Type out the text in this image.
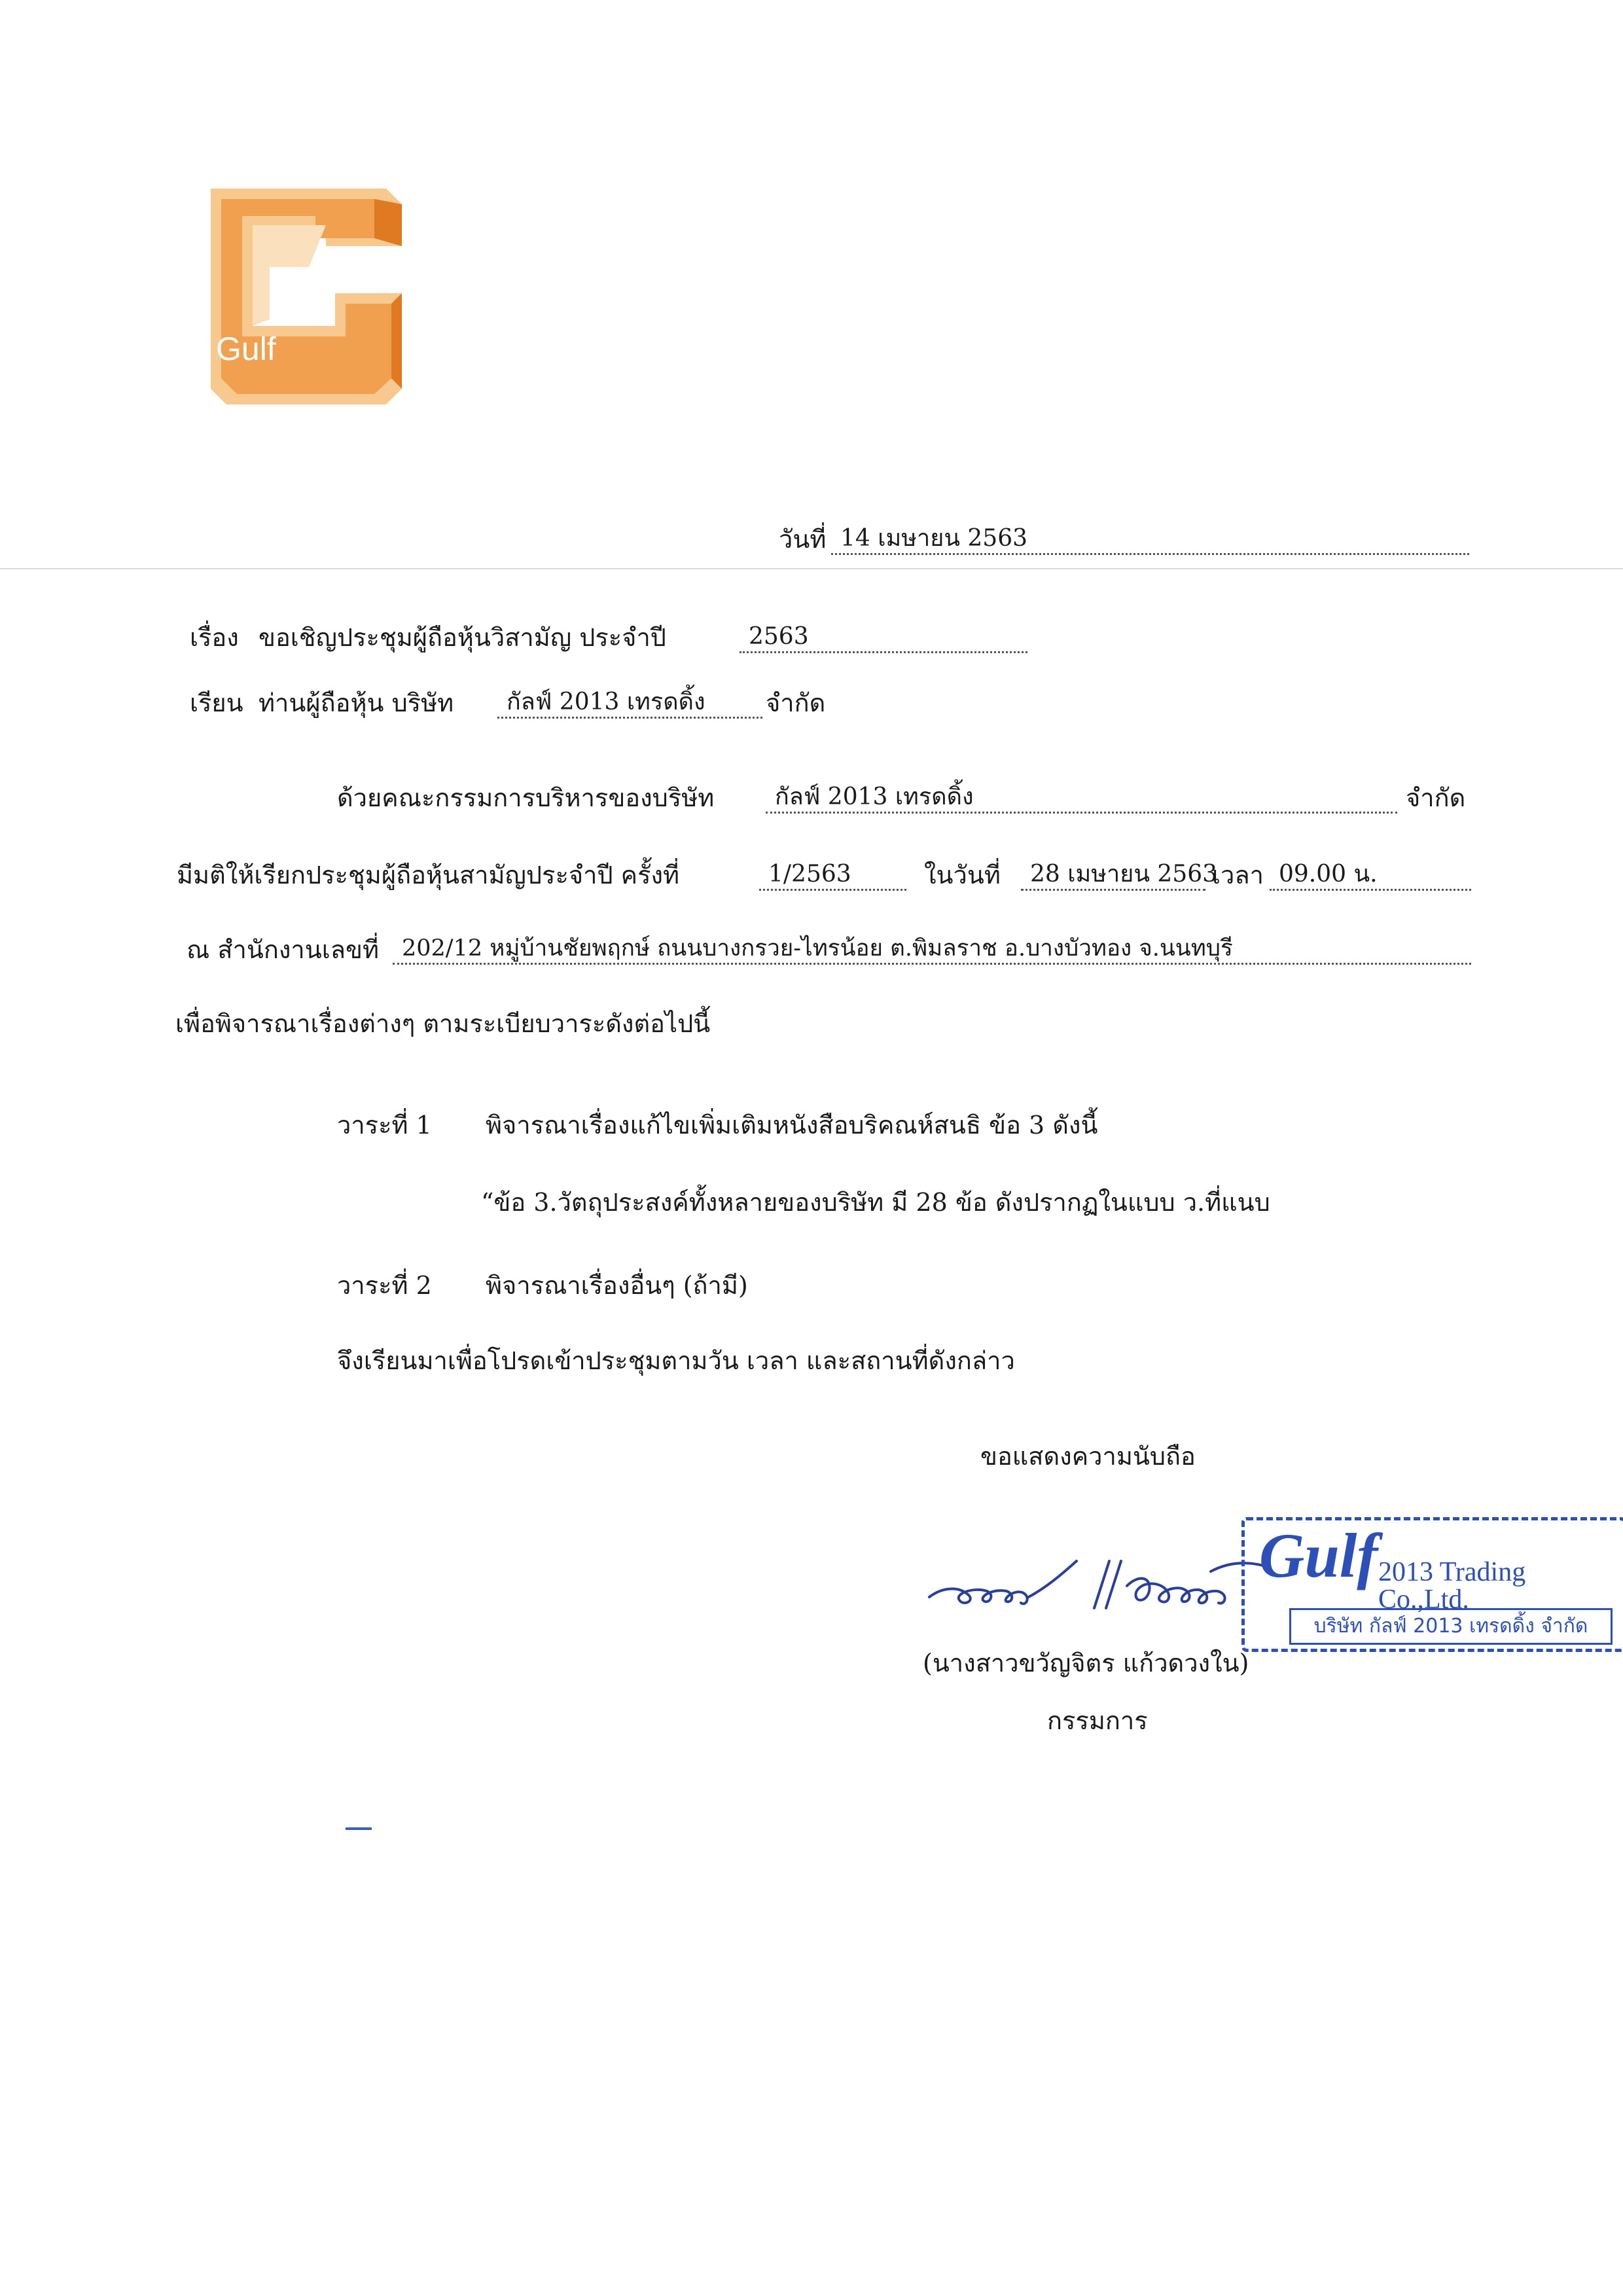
Gulf
วันที่ 14 เมษายน 2563
เรื่อง ขอเชิญประชุมผู้ถือหุ้นวิสามัญ ประจำปี	2563
เรียน ท่านผู้ถือหุ้น บริษัท	กัลฟ์ 2013 เทรดดิ้ง	จำกัด
ด้วยคณะกรรมการบริหารของบริษัท	กัลฟ์ 2013 เทรดดิ้ง	จำกัด
มีมติให้เรียกประชุมผู้ถือหุ้นสามัญประจำปี ครั้งที่	1/2563	ในวันที่	28 เมษายน 2563
เวลา 09.00 น.
ณ สำนักงานเลขที่ 202/12 หมู่บ้านชัยพฤกษ์ ถนนบางกรวย-ไทรน้อย ต.พิมลราช อ.บางบัวทอง จ.นนทบุรี
เพื่อพิจารณาเรื่องต่างๆ ตามระเบียบวาระดังต่อไปนี้
วาระที่ 1 พิจารณาเรื่องแก้ไขเพิ่มเติมหนังสือบริคณห์สนธิ ข้อ 3 ดังนี้
“ข้อ 3.วัตถุประสงค์ทั้งหลายของบริษัท มี 28 ข้อ ดังปรากฏในแบบ ว.ที่แนบ
วาระที่ 2 พิจารณาเรื่องอื่นๆ (ถ้ามี)
จึงเรียนมาเพื่อโปรดเข้าประชุมตามวัน เวลา และสถานที่ดังกล่าว
ขอแสดงความนับถือ
Gulf 2013 Trading Co.,Ltd.
บริษัท กัลฟ์ 2013 เทรดดิ้ง จำกัด
(นางสาวขวัญจิตร แก้วดวงใน)
กรรมการ
